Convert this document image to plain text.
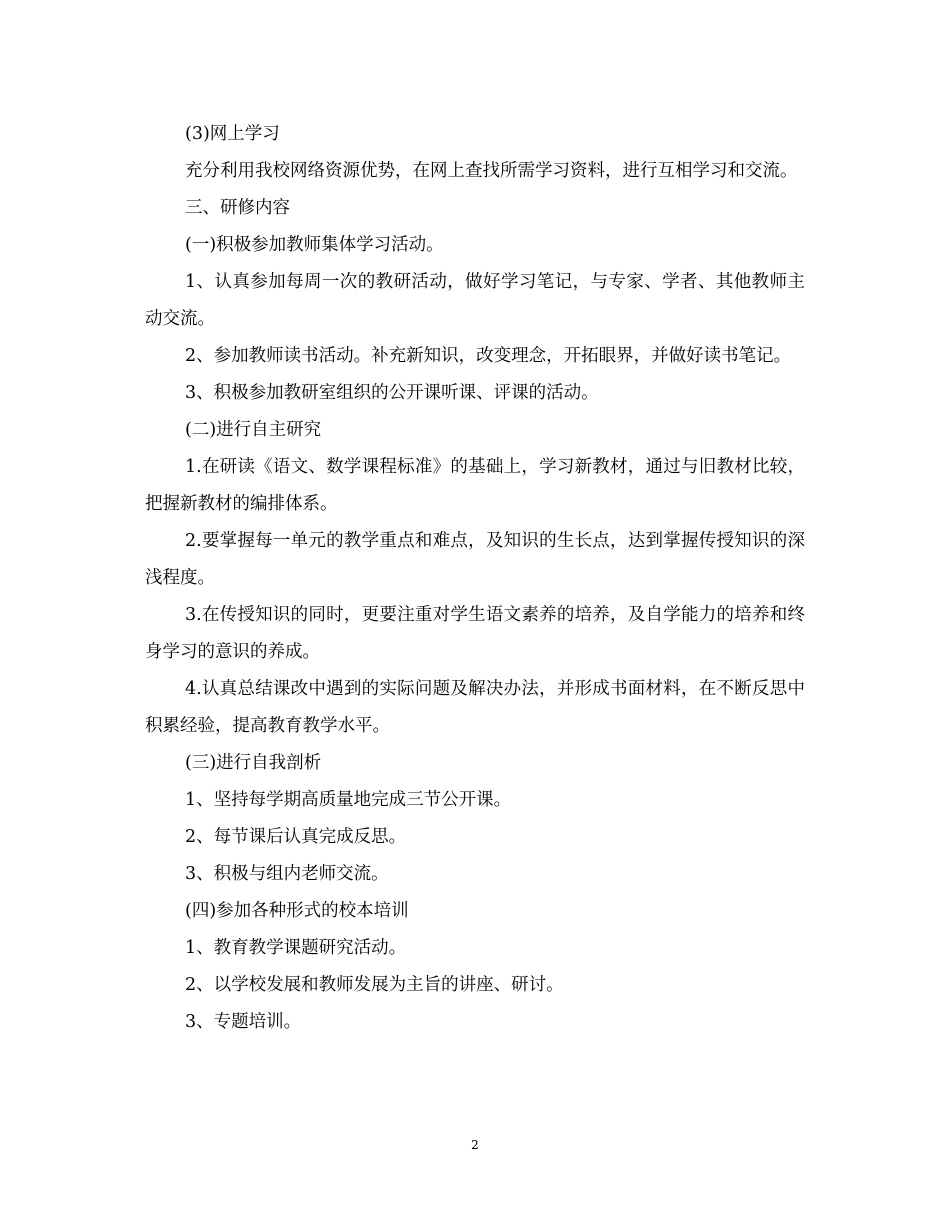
(3)网上学习

充分利用我校网络资源优势，在网上查找所需学习资料，进行互相学习和交流。

三、研修内容

(一)积极参加教师集体学习活动。

1、认真参加每周一次的教研活动，做好学习笔记，与专家、学者、其他教师主动交流。

2、参加教师读书活动。补充新知识，改变理念，开拓眼界，并做好读书笔记。

3、积极参加教研室组织的公开课听课、评课的活动。

(二)进行自主研究

1.在研读《语文、数学课程标准》的基础上，学习新教材，通过与旧教材比较，把握新教材的编排体系。

2.要掌握每一单元的教学重点和难点，及知识的生长点，达到掌握传授知识的深浅程度。

3.在传授知识的同时，更要注重对学生语文素养的培养，及自学能力的培养和终身学习的意识的养成。

4.认真总结课改中遇到的实际问题及解决办法，并形成书面材料，在不断反思中积累经验，提高教育教学水平。

(三)进行自我剖析

1、坚持每学期高质量地完成三节公开课。

2、每节课后认真完成反思。

3、积极与组内老师交流。

(四)参加各种形式的校本培训

1、教育教学课题研究活动。

2、以学校发展和教师发展为主旨的讲座、研讨。

3、专题培训。

2
